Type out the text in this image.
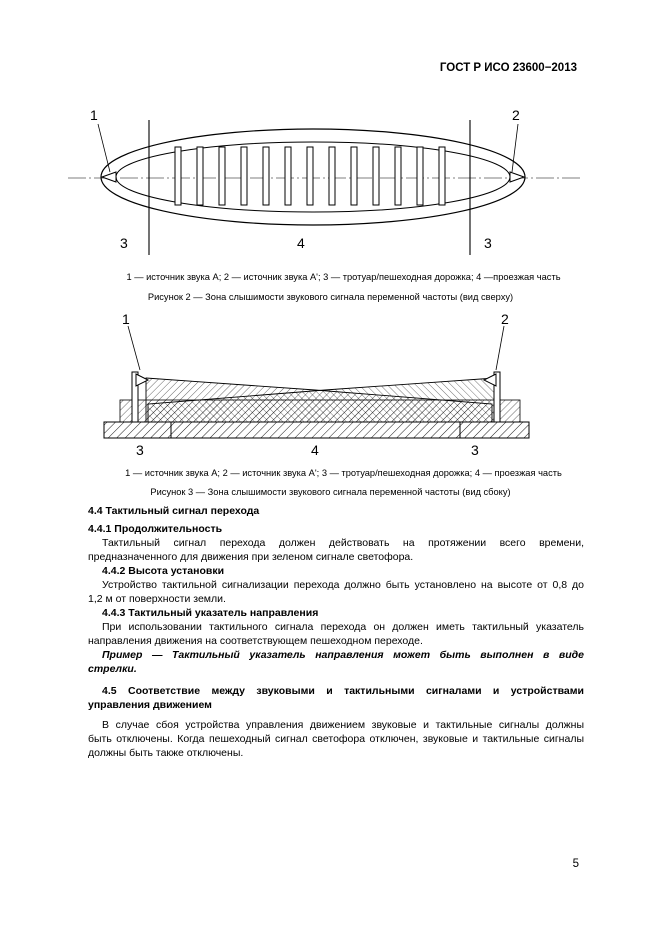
ГОСТ Р ИСО 23600−2013
1	2
3	4	3
1 — источник звука А; 2 — источник звука А'; 3 — тротуар/пешеходная дорожка; 4 —проезжая часть
Рисунок 2 — Зона слышимости звукового сигнала переменной частоты (вид сверху)
1	2
3	4	3
1 — источник звука А; 2 — источник звука А'; 3 — тротуар/пешеходная дорожка; 4 — проезжая часть
Рисунок 3 — Зона слышимости звукового сигнала переменной частоты (вид сбоку)
4.4 Тактильный сигнал перехода
4.4.1 Продолжительность
Тактильный сигнал перехода должен действовать на протяжении всего времени,
предназначенного для движения при зеленом сигнале светофора.
4.4.2 Высота установки
Устройство тактильной сигнализации перехода должно быть установлено на высоте от 0,8 до
1,2 м от поверхности земли.
4.4.3 Тактильный указатель направления
При использовании тактильного сигнала перехода он должен иметь тактильный указатель
направления движения на соответствующем пешеходном переходе.
Пример — Тактильный указатель направления может быть выполнен в виде
стрелки.
4.5 Соответствие между звуковыми и тактильными сигналами и устройствами
управления движением
В случае сбоя устройства управления движением звуковые и тактильные сигналы должны
быть отключены. Когда пешеходный сигнал светофора отключен, звуковые и тактильные сигналы
должны быть также отключены.
5
